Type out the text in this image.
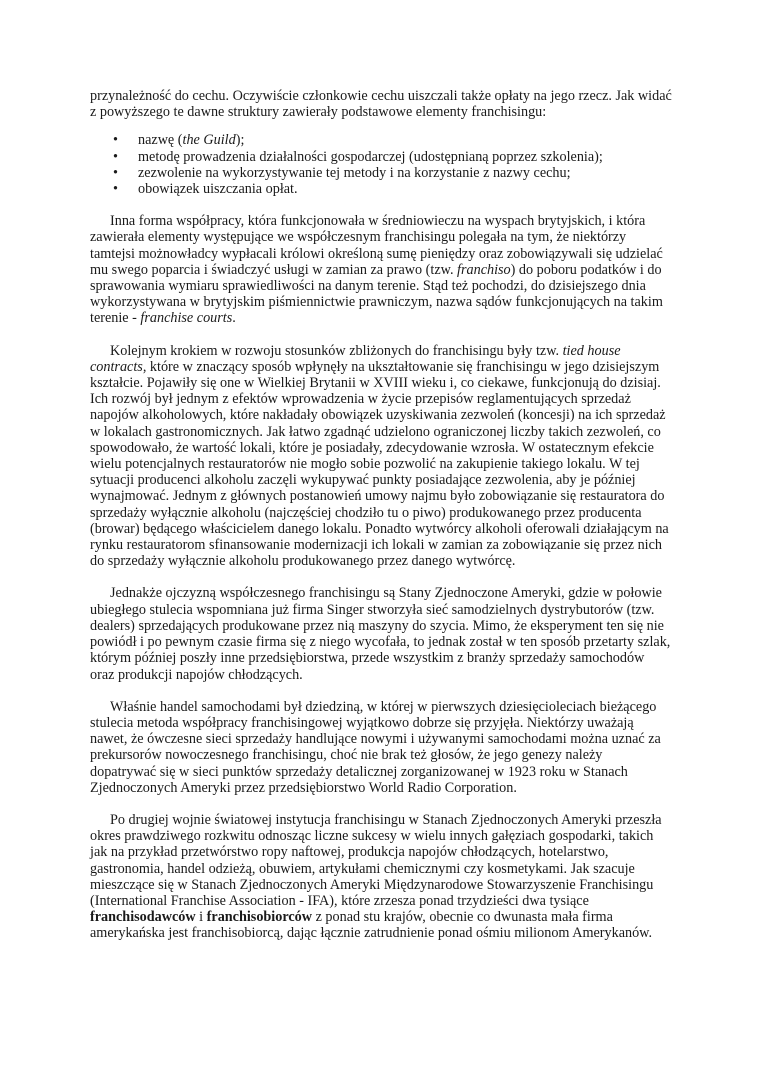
przynależność do cechu. Oczywiście członkowie cechu uiszczali także opłaty na jego rzecz. Jak widać z powyższego te dawne struktury zawierały podstawowe elementy franchisingu:

• nazwę (the Guild);
• metodę prowadzenia działalności gospodarczej (udostępnianą poprzez szkolenia);
• zezwolenie na wykorzystywanie tej metody i na korzystanie z nazwy cechu;
• obowiązek uiszczania opłat.

Inna forma współpracy, która funkcjonowała w średniowieczu na wyspach brytyjskich, i która zawierała elementy występujące we współczesnym franchisingu polegała na tym, że niektórzy tamtejsi możnowładcy wypłacali królowi określoną sumę pieniędzy oraz zobowiązywali się udzielać mu swego poparcia i świadczyć usługi w zamian za prawo (tzw. franchiso) do poboru podatków i do sprawowania wymiaru sprawiedliwości na danym terenie. Stąd też pochodzi, do dzisiejszego dnia wykorzystywana w brytyjskim piśmiennictwie prawniczym, nazwa sądów funkcjonujących na takim terenie - franchise courts.

Kolejnym krokiem w rozwoju stosunków zbliżonych do franchisingu były tzw. tied house contracts, które w znaczący sposób wpłynęły na ukształtowanie się franchisingu w jego dzisiejszym kształcie. Pojawiły się one w Wielkiej Brytanii w XVIII wieku i, co ciekawe, funkcjonują do dzisiaj. Ich rozwój był jednym z efektów wprowadzenia w życie przepisów reglamentujących sprzedaż napojów alkoholowych, które nakładały obowiązek uzyskiwania zezwoleń (koncesji) na ich sprzedaż w lokalach gastronomicznych. Jak łatwo zgadnąć udzielono ograniczonej liczby takich zezwoleń, co spowodowało, że wartość lokali, które je posiadały, zdecydowanie wzrosła. W ostatecznym efekcie wielu potencjalnych restauratorów nie mogło sobie pozwolić na zakupienie takiego lokalu. W tej sytuacji producenci alkoholu zaczęli wykupywać punkty posiadające zezwolenia, aby je później wynajmować. Jednym z głównych postanowień umowy najmu było zobowiązanie się restauratora do sprzedaży wyłącznie alkoholu (najczęściej chodziło tu o piwo) produkowanego przez producenta (browar) będącego właścicielem danego lokalu. Ponadto wytwórcy alkoholi oferowali działającym na rynku restauratorom sfinansowanie modernizacji ich lokali w zamian za zobowiązanie się przez nich do sprzedaży wyłącznie alkoholu produkowanego przez danego wytwórcę.

Jednakże ojczyzną współczesnego franchisingu są Stany Zjednoczone Ameryki, gdzie w połowie ubiegłego stulecia wspomniana już firma Singer stworzyła sieć samodzielnych dystrybutorów (tzw. dealers) sprzedających produkowane przez nią maszyny do szycia. Mimo, że eksperyment ten się nie powiódł i po pewnym czasie firma się z niego wycofała, to jednak został w ten sposób przetarty szlak, którym później poszły inne przedsiębiorstwa, przede wszystkim z branży sprzedaży samochodów oraz produkcji napojów chłodzących.

Właśnie handel samochodami był dziedziną, w której w pierwszych dziesięcioleciach bieżącego stulecia metoda współpracy franchisingowej wyjątkowo dobrze się przyjęła. Niektórzy uważają nawet, że ówczesne sieci sprzedaży handlujące nowymi i używanymi samochodami można uznać za prekursorów nowoczesnego franchisingu, choć nie brak też głosów, że jego genezy należy dopatrywać się w sieci punktów sprzedaży detalicznej zorganizowanej w 1923 roku w Stanach Zjednoczonych Ameryki przez przedsiębiorstwo World Radio Corporation.

Po drugiej wojnie światowej instytucja franchisingu w Stanach Zjednoczonych Ameryki przeszła okres prawdziwego rozkwitu odnosząc liczne sukcesy w wielu innych gałęziach gospodarki, takich jak na przykład przetwórstwo ropy naftowej, produkcja napojów chłodzących, hotelarstwo, gastronomia, handel odzieżą, obuwiem, artykułami chemicznymi czy kosmetykami. Jak szacuje mieszczące się w Stanach Zjednoczonych Ameryki Międzynarodowe Stowarzyszenie Franchisingu (International Franchise Association - IFA), które zrzesza ponad trzydzieści dwa tysiące franchisodawców i franchisobiorców z ponad stu krajów, obecnie co dwunasta mała firma amerykańska jest franchisobiorcą, dając łącznie zatrudnienie ponad ośmiu milionom Amerykanów.
